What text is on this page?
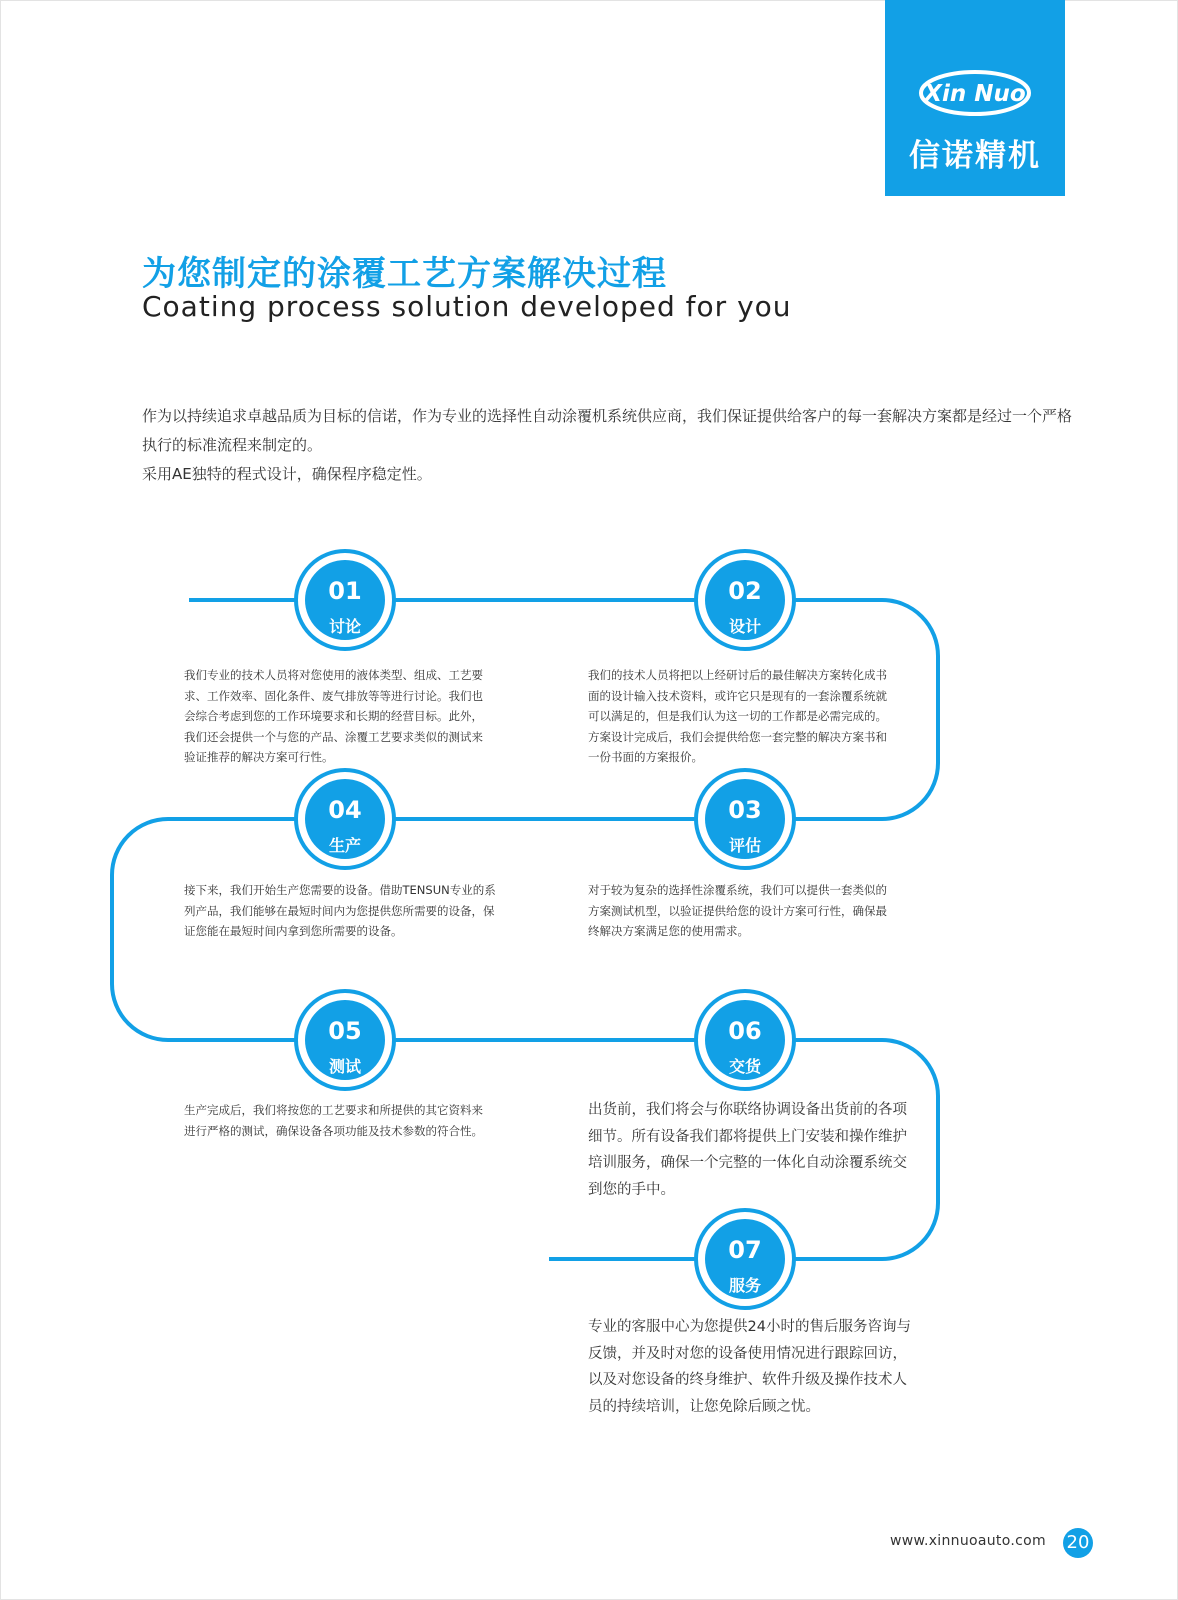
Xin Nuo
信诺精机
为您制定的涂覆工艺方案解决过程
Coating process solution developed for you

作为以持续追求卓越品质为目标的信诺，作为专业的选择性自动涂覆机系统供应商，我们保证提供给客户的每一套解决方案都是经过一个严格执行的标准流程来制定的。

采用AE独特的程式设计，确保程序稳定性。

01
讨论
02
设计
03
评估
04
生产
05
测试
06
交货
07
服务
我们专业的技术人员将对您使用的液体类型、组成、工艺要求、工作效率、固化条件、废气排放等等进行讨论。我们也会综合考虑到您的工作环境要求和长期的经营目标。此外，我们还会提供一个与您的产品、涂覆工艺要求类似的测试来验证推荐的解决方案可行性。
我们的技术人员将把以上经研讨后的最佳解决方案转化成书面的设计输入技术资料，或许它只是现有的一套涂覆系统就可以满足的，但是我们认为这一切的工作都是必需完成的。方案设计完成后，我们会提供给您一套完整的解决方案书和一份书面的方案报价。
对于较为复杂的选择性涂覆系统，我们可以提供一套类似的方案测试机型，以验证提供给您的设计方案可行性，确保最终解决方案满足您的使用需求。
接下来，我们开始生产您需要的设备。借助TENSUN专业的系列产品，我们能够在最短时间内为您提供您所需要的设备，保证您能在最短时间内拿到您所需要的设备。
生产完成后，我们将按您的工艺要求和所提供的其它资料来进行严格的测试，确保设备各项功能及技术参数的符合性。
出货前，我们将会与你联络协调设备出货前的各项细节。所有设备我们都将提供上门安装和操作维护培训服务，确保一个完整的一体化自动涂覆系统交到您的手中。
专业的客服中心为您提供24小时的售后服务咨询与反馈，并及时对您的设备使用情况进行跟踪回访，以及对您设备的终身维护、软件升级及操作技术人员的持续培训，让您免除后顾之忧。
www.xinnuoauto.com 20
